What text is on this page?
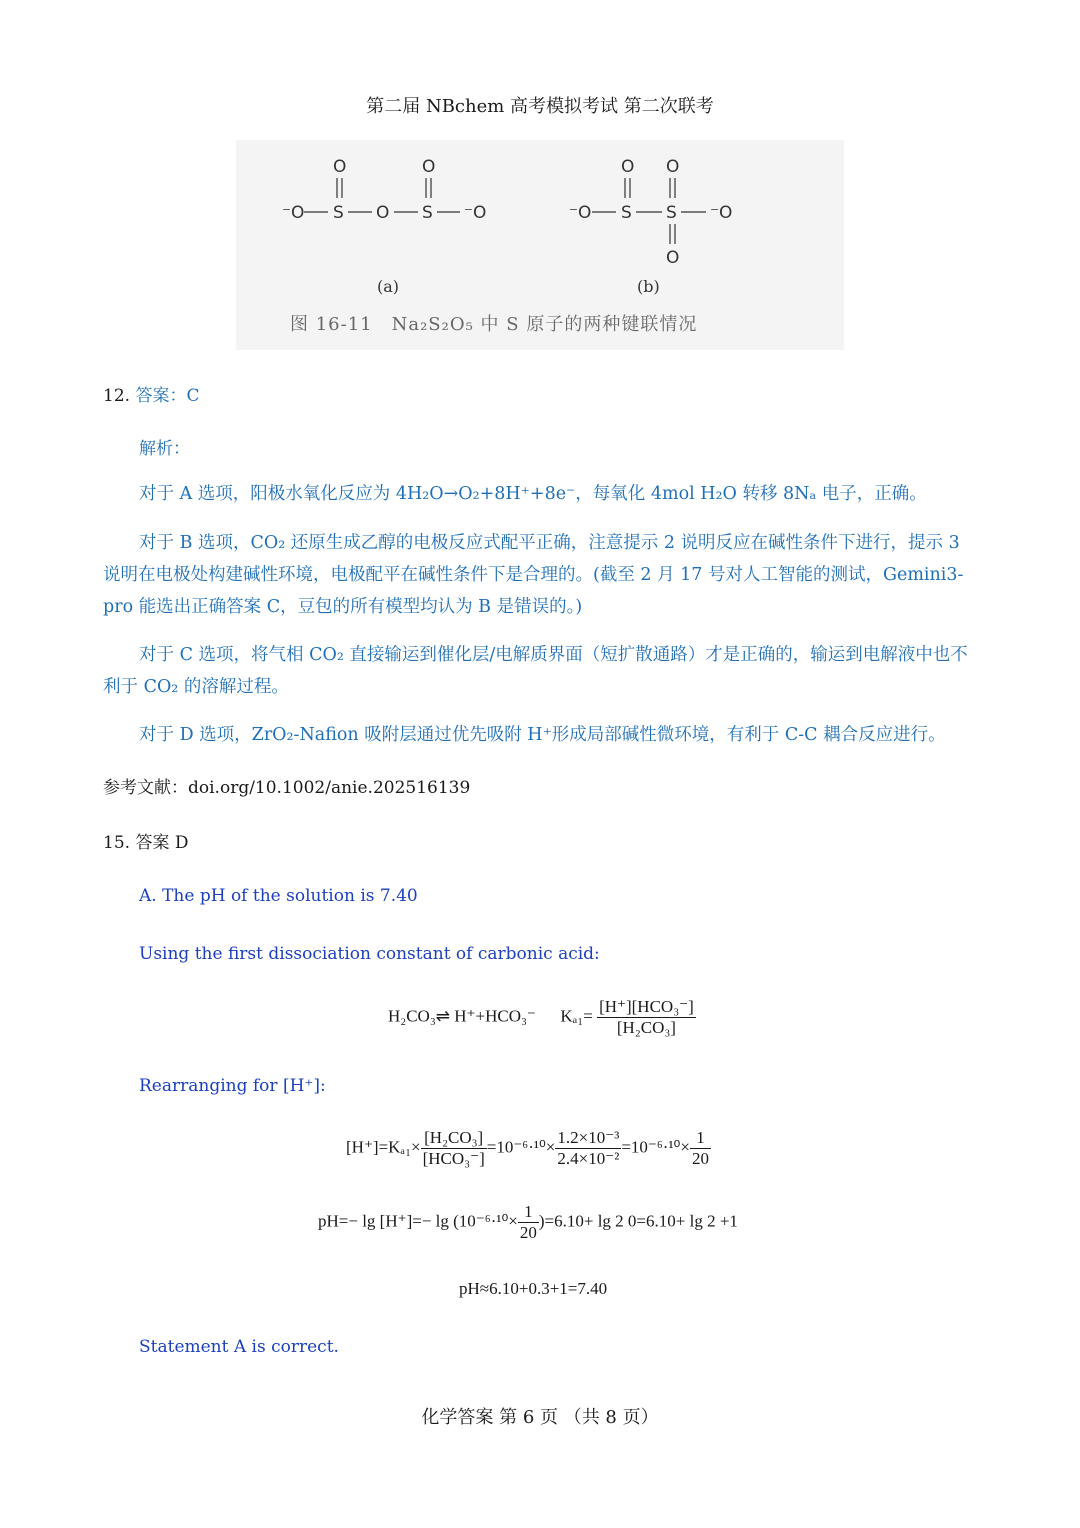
第二届 NBchem 高考模拟考试 第二次联考
⁻O S O S ⁻O
O	O
⁻O S S ⁻O
O O
O
(a)	(b)
图 16-11　Na₂S₂O₅ 中 S 原子的两种键联情况
12. 答案：C
解析：
对于 A 选项，阳极水氧化反应为 4H₂O→O₂+8H⁺+8e⁻，每氧化 4mol H₂O 转移 8Nₐ 电子，正确。
对于 B 选项，CO₂ 还原生成乙醇的电极反应式配平正确，注意提示 2 说明反应在碱性条件下进行，提示 3 说明在电极处构建碱性环境，电极配平在碱性条件下是合理的。(截至 2 月 17 号对人工智能的测试，Gemini3-pro 能选出正确答案 C，豆包的所有模型均认为 B 是错误的。)
对于 C 选项，将气相 CO₂ 直接输运到催化层/电解质界面（短扩散通路）才是正确的，输运到电解液中也不利于 CO₂ 的溶解过程。
对于 D 选项，ZrO₂-Nafion 吸附层通过优先吸附 H⁺形成局部碱性微环境，有利于 C-C 耦合反应进行。
参考文献：doi.org/10.1002/anie.202516139
15. 答案 D
A. The pH of the solution is 7.40
Using the first dissociation constant of carbonic acid:
H₂CO₃⇌ H⁺+HCO₃⁻ $K_{a1}= \frac{\text{[H⁺][HCO₃⁻]}}{\text{[H₂CO₃]}}$
Rearranging for [H⁺]:
$[H^+]=K_{a1}\times \frac{\text{[H₂CO₃]}}{\text{[HCO₃⁻]}} =10^{-6}\cdot^{10}\times \frac{\text{1.2×10⁻³}}{\text{2.4×10⁻²}} =10^{-6}\cdot^{10}\times \frac{1}{20}$
$pH=- \lg [H^+]=- \lg (10^{-6}\cdot^{10}\times \frac{1}{20} )=6.10+ \lg 2$ 0=6.10+ lg 2 +1
pH≈6.10+0.3+1=7.40
Statement A is correct.
化学答案 第 6 页 （共 8 页）
